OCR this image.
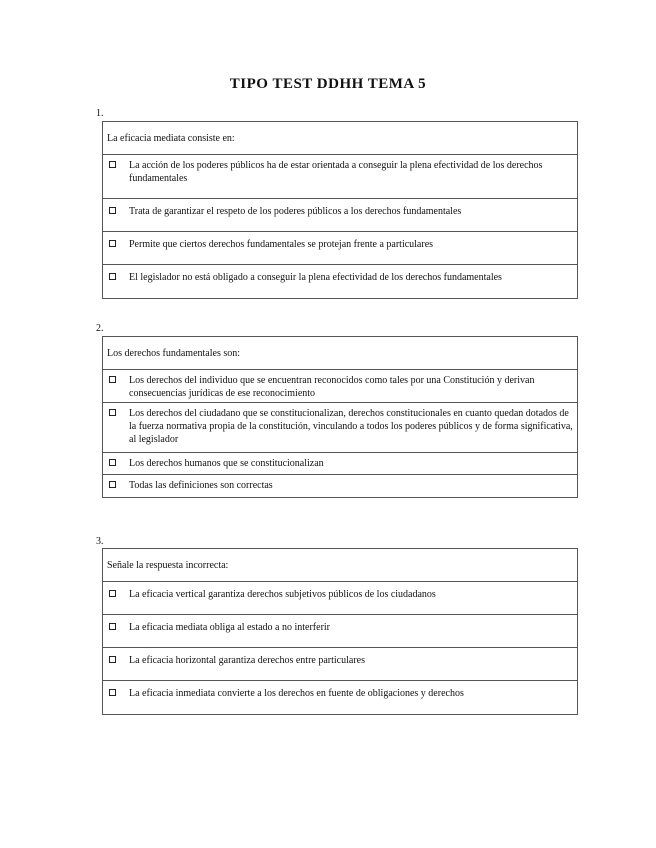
TIPO TEST DDHH TEMA 5
1.
La eficacia mediata consiste en:
La acción de los poderes públicos ha de estar orientada a conseguir la plena efectividad de los derechos fundamentales
Trata de garantizar el respeto de los poderes públicos a los derechos fundamentales
Permite que ciertos derechos fundamentales se protejan frente a particulares
El legislador no está obligado a conseguir la plena efectividad de los derechos fundamentales
2.
Los derechos fundamentales son:
Los derechos del individuo que se encuentran reconocidos como tales por una Constitución y derivan consecuencias jurídicas de ese reconocimiento
Los derechos del ciudadano que se constitucionalizan, derechos constitucionales en cuanto quedan dotados de la fuerza normativa propia de la constitución, vinculando a todos los poderes públicos y de forma significativa, al legislador
Los derechos humanos que se constitucionalizan
Todas las definiciones son correctas
3.
Señale la respuesta incorrecta:
La eficacia vertical garantiza derechos subjetivos públicos de los ciudadanos
La eficacia mediata obliga al estado a no interferir
La eficacia horizontal garantiza derechos entre particulares
La eficacia inmediata convierte a los derechos en fuente de obligaciones y derechos
